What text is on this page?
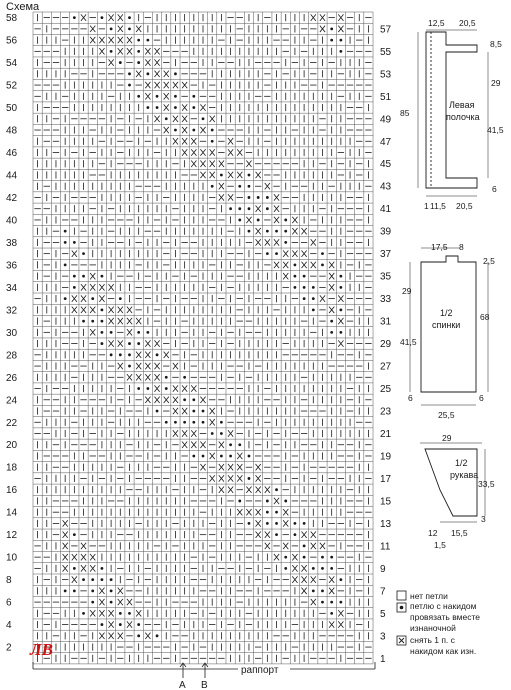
Схема
2
4
6
8
10
12
14
16
18
20
22
24
26
28
30
32
34
36
38
40
42
44
46
48
50
52
54
56
58
1
3
5
7
9
11
13
15
17
19
21
23
25
27
29
31
33
35
37
39
41
43
45
47
49
51
53
55
57
раппорт
A B
ЛВ
нет петли
петлю с накидом провязать вместе изнаночной
снять 1 п. с накидом как изн.
12,5 20,5
8,5
29
41,5
85
6
1 11,5 20,5
Левая
полочка
17,5 8
2,5
29
41,5
68
6	6
25,5
1/2
спинки
29
33,5
3
12 15,5
1,5
1/2
рукава
